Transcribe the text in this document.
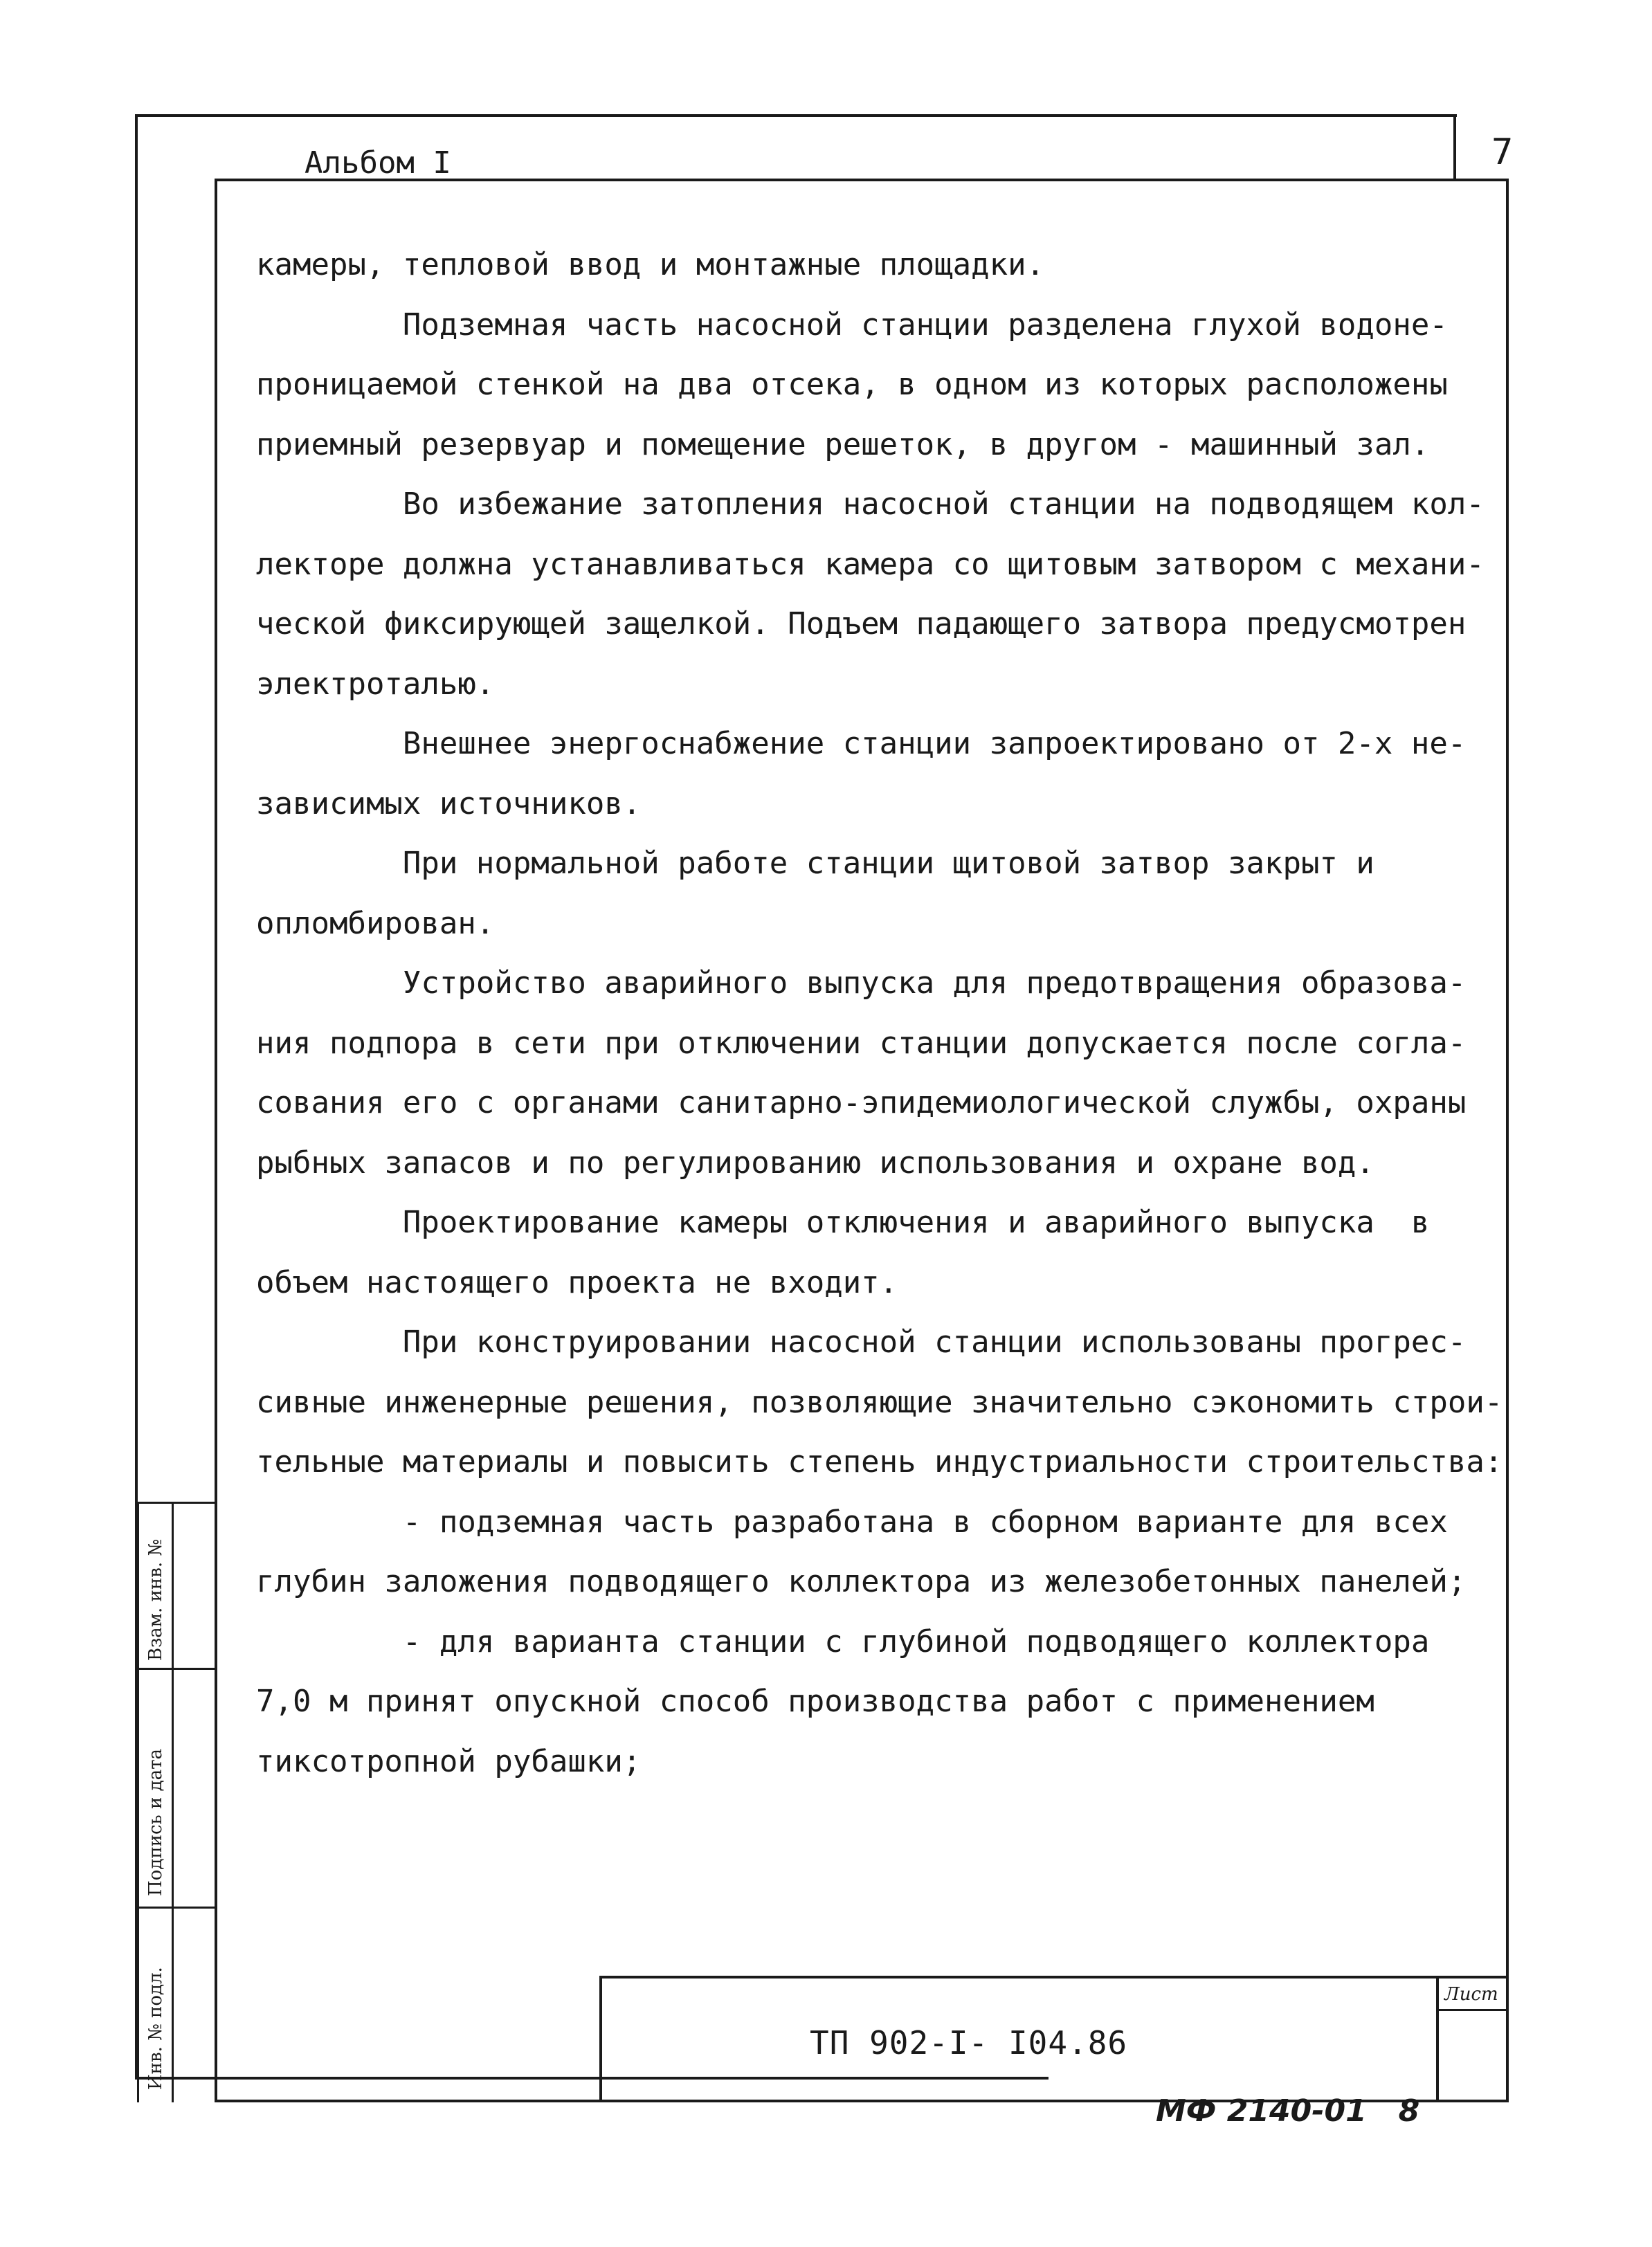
Взам. инв. №
Подпись и дата
Инв. № подл.
Альбом I	7
камеры, тепловой ввод и монтажные площадки.
Подземная часть насосной станции разделена глухой водоне-
проницаемой стенкой на два отсека, в одном из которых расположены
приемный резервуар и помещение решеток, в другом - машинный зал.
Во избежание затопления насосной станции на подводящем кол-
лекторе должна устанавливаться камера со щитовым затвором с механи-
ческой фиксирующей защелкой. Подъем падающего затвора предусмотрен
электроталью.
Внешнее энергоснабжение станции запроектировано от 2-х не-
зависимых источников.
При нормальной работе станции щитовой затвор закрыт и
опломбирован.
Устройство аварийного выпуска для предотвращения образова-
ния подпора в сети при отключении станции допускается после согла-
сования его с органами санитарно-эпидемиологической службы, охраны
рыбных запасов и по регулированию использования и охране вод.
Проектирование камеры отключения и аварийного выпуска  в
объем настоящего проекта не входит.
При конструировании насосной станции использованы прогрес-
сивные инженерные решения, позволяющие значительно сэкономить строи-
тельные материалы и повысить степень индустриальности строительства:
- подземная часть разработана в сборном варианте для всех
глубин заложения подводящего коллектора из железобетонных панелей;
- для варианта станции с глубиной подводящего коллектора
7,0 м принят опускной способ производства работ с применением
тиксотропной рубашки;
ТП 902-I- I04.86
Лист
МФ 2140-01   8
